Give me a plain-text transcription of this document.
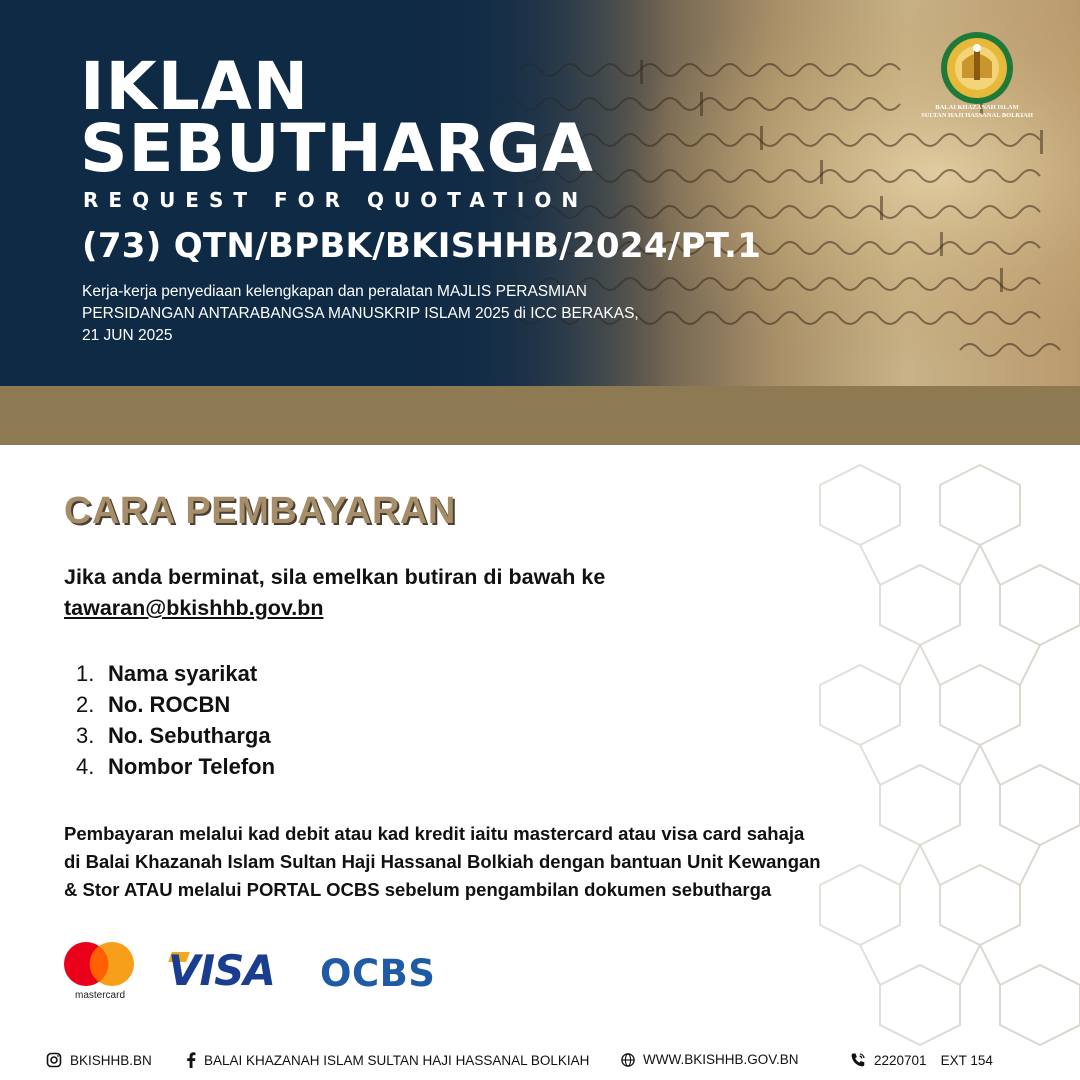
IKLAN
SEBUTHARGA
REQUEST FOR QUOTATION
(73) QTN/BPBK/BKISHHB/2024/PT.1
Kerja-kerja penyediaan kelengkapan dan peralatan MAJLIS PERASMIAN
PERSIDANGAN ANTARABANGSA MANUSKRIP ISLAM 2025 di ICC BERAKAS,
21 JUN 2025
BALAI KHAZANAH ISLAM
SULTAN HAJI HASSANAL BOLKIAH
CARA PEMBAYARAN
Jika anda berminat, sila emelkan butiran di bawah ke
tawaran@bkishhb.gov.bn
1. Nama syarikat
2. No. ROCBN
3. No. Sebutharga
4. Nombor Telefon
Pembayaran melalui kad debit atau kad kredit iaitu mastercard atau visa card sahaja
di Balai Khazanah Islam Sultan Haji Hassanal Bolkiah dengan bantuan Unit Kewangan
& Stor ATAU melalui PORTAL OCBS sebelum pengambilan dokumen sebutharga
mastercard
VISA OCBS
BKISHHB.BN	BALAI KHAZANAH ISLAM SULTAN HAJI HASSANAL BOLKIAH	WWW.BKISHHB.GOV.BN	2220701 EXT 154
